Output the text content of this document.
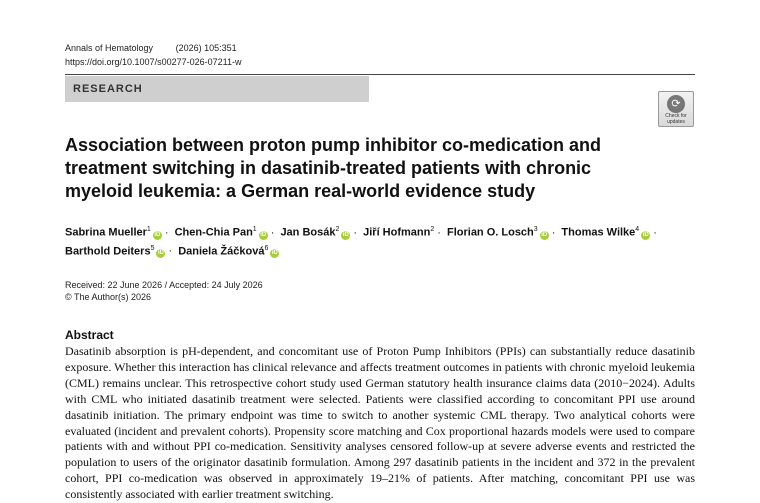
Annals of Hematology	(2026) 105:351
https://doi.org/10.1007/s00277-026-07211-w
RESEARCH
⟳
Check for updates
Association between proton pump inhibitor co-medication and treatment switching in dasatinib-treated patients with chronic myeloid leukemia: a German real-world evidence study
Sabrina Mueller$^1$iD · Chen-Chia Pan$^1$iD · Jan Bosák$^2$iD · Jiří Hofmann$^2$ · Florian O. Losch$^3$iD · Thomas Wilke$^4$iD ·
Barthold Deiters$^5$iD · Daniela Žáčková$^6$iD
Received: 22 June 2026 / Accepted: 24 July 2026
© The Author(s) 2026
Abstract
Dasatinib absorption is pH-dependent, and concomitant use of Proton Pump Inhibitors (PPIs) can substantially reduce dasatinib exposure. Whether this interaction has clinical relevance and affects treatment outcomes in patients with chronic myeloid leukemia (CML) remains unclear. This retrospective cohort study used German statutory health insurance claims data (2010−2024). Adults with CML who initiated dasatinib treatment were selected. Patients were classified according to concomitant PPI use around dasatinib initiation. The primary endpoint was time to switch to another systemic CML therapy. Two analytical cohorts were evaluated (incident and prevalent cohorts). Propensity score matching and Cox proportional hazards models were used to compare patients with and without PPI co-medication. Sensitivity analyses censored follow-up at severe adverse events and restricted the population to users of the originator dasatinib formulation. Among 297 dasatinib patients in the incident and 372 in the prevalent cohort, PPI co-medication was observed in approximately 19–21% of patients. After matching, concomitant PPI use was consistently associated with earlier treatment switching.
